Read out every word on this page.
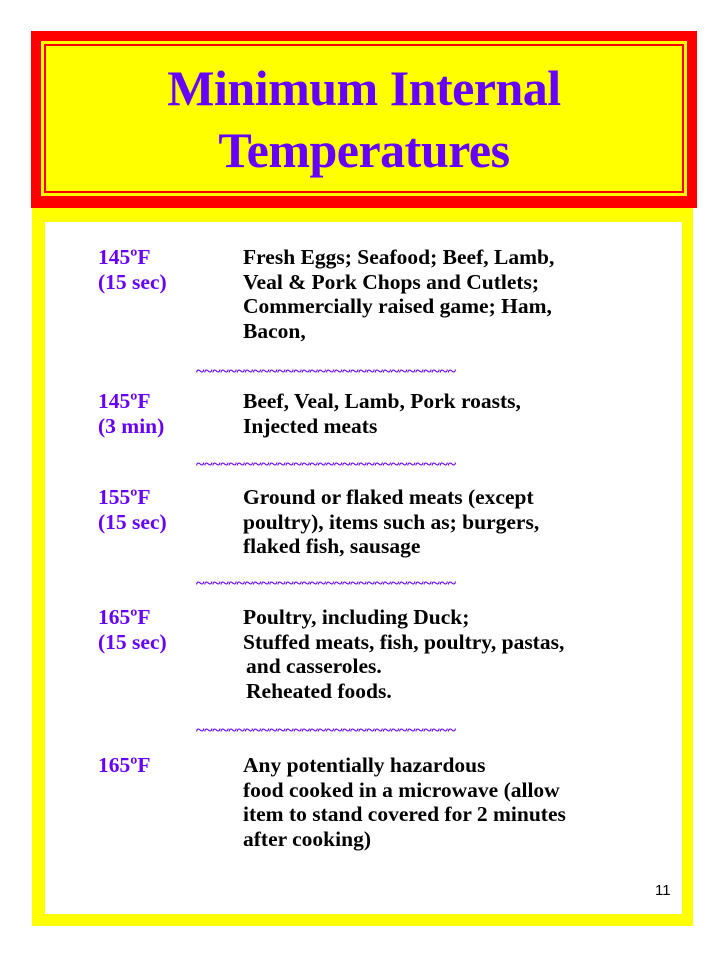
Minimum Internal
Temperatures
145ºF
(15 sec)
Fresh Eggs; Seafood; Beef, Lamb,
Veal & Pork Chops and Cutlets;
Commercially raised game; Ham,
Bacon,
~~~~~~~~~~~~~~~~~~~~~~~~~~~~~~~~
145ºF
(3 min)
Beef, Veal, Lamb, Pork roasts,
Injected meats
~~~~~~~~~~~~~~~~~~~~~~~~~~~~~~~~
155ºF
(15 sec)
Ground or flaked meats (except
poultry), items such as; burgers,
flaked fish, sausage
~~~~~~~~~~~~~~~~~~~~~~~~~~~~~~~~
165ºF
(15 sec)
Poultry, including Duck;
Stuffed meats, fish, poultry, pastas,
and casseroles.
Reheated foods.
~~~~~~~~~~~~~~~~~~~~~~~~~~~~~~~~
165ºF	Any potentially hazardous
food cooked in a microwave (allow
item to stand covered for 2 minutes
after cooking)
11
